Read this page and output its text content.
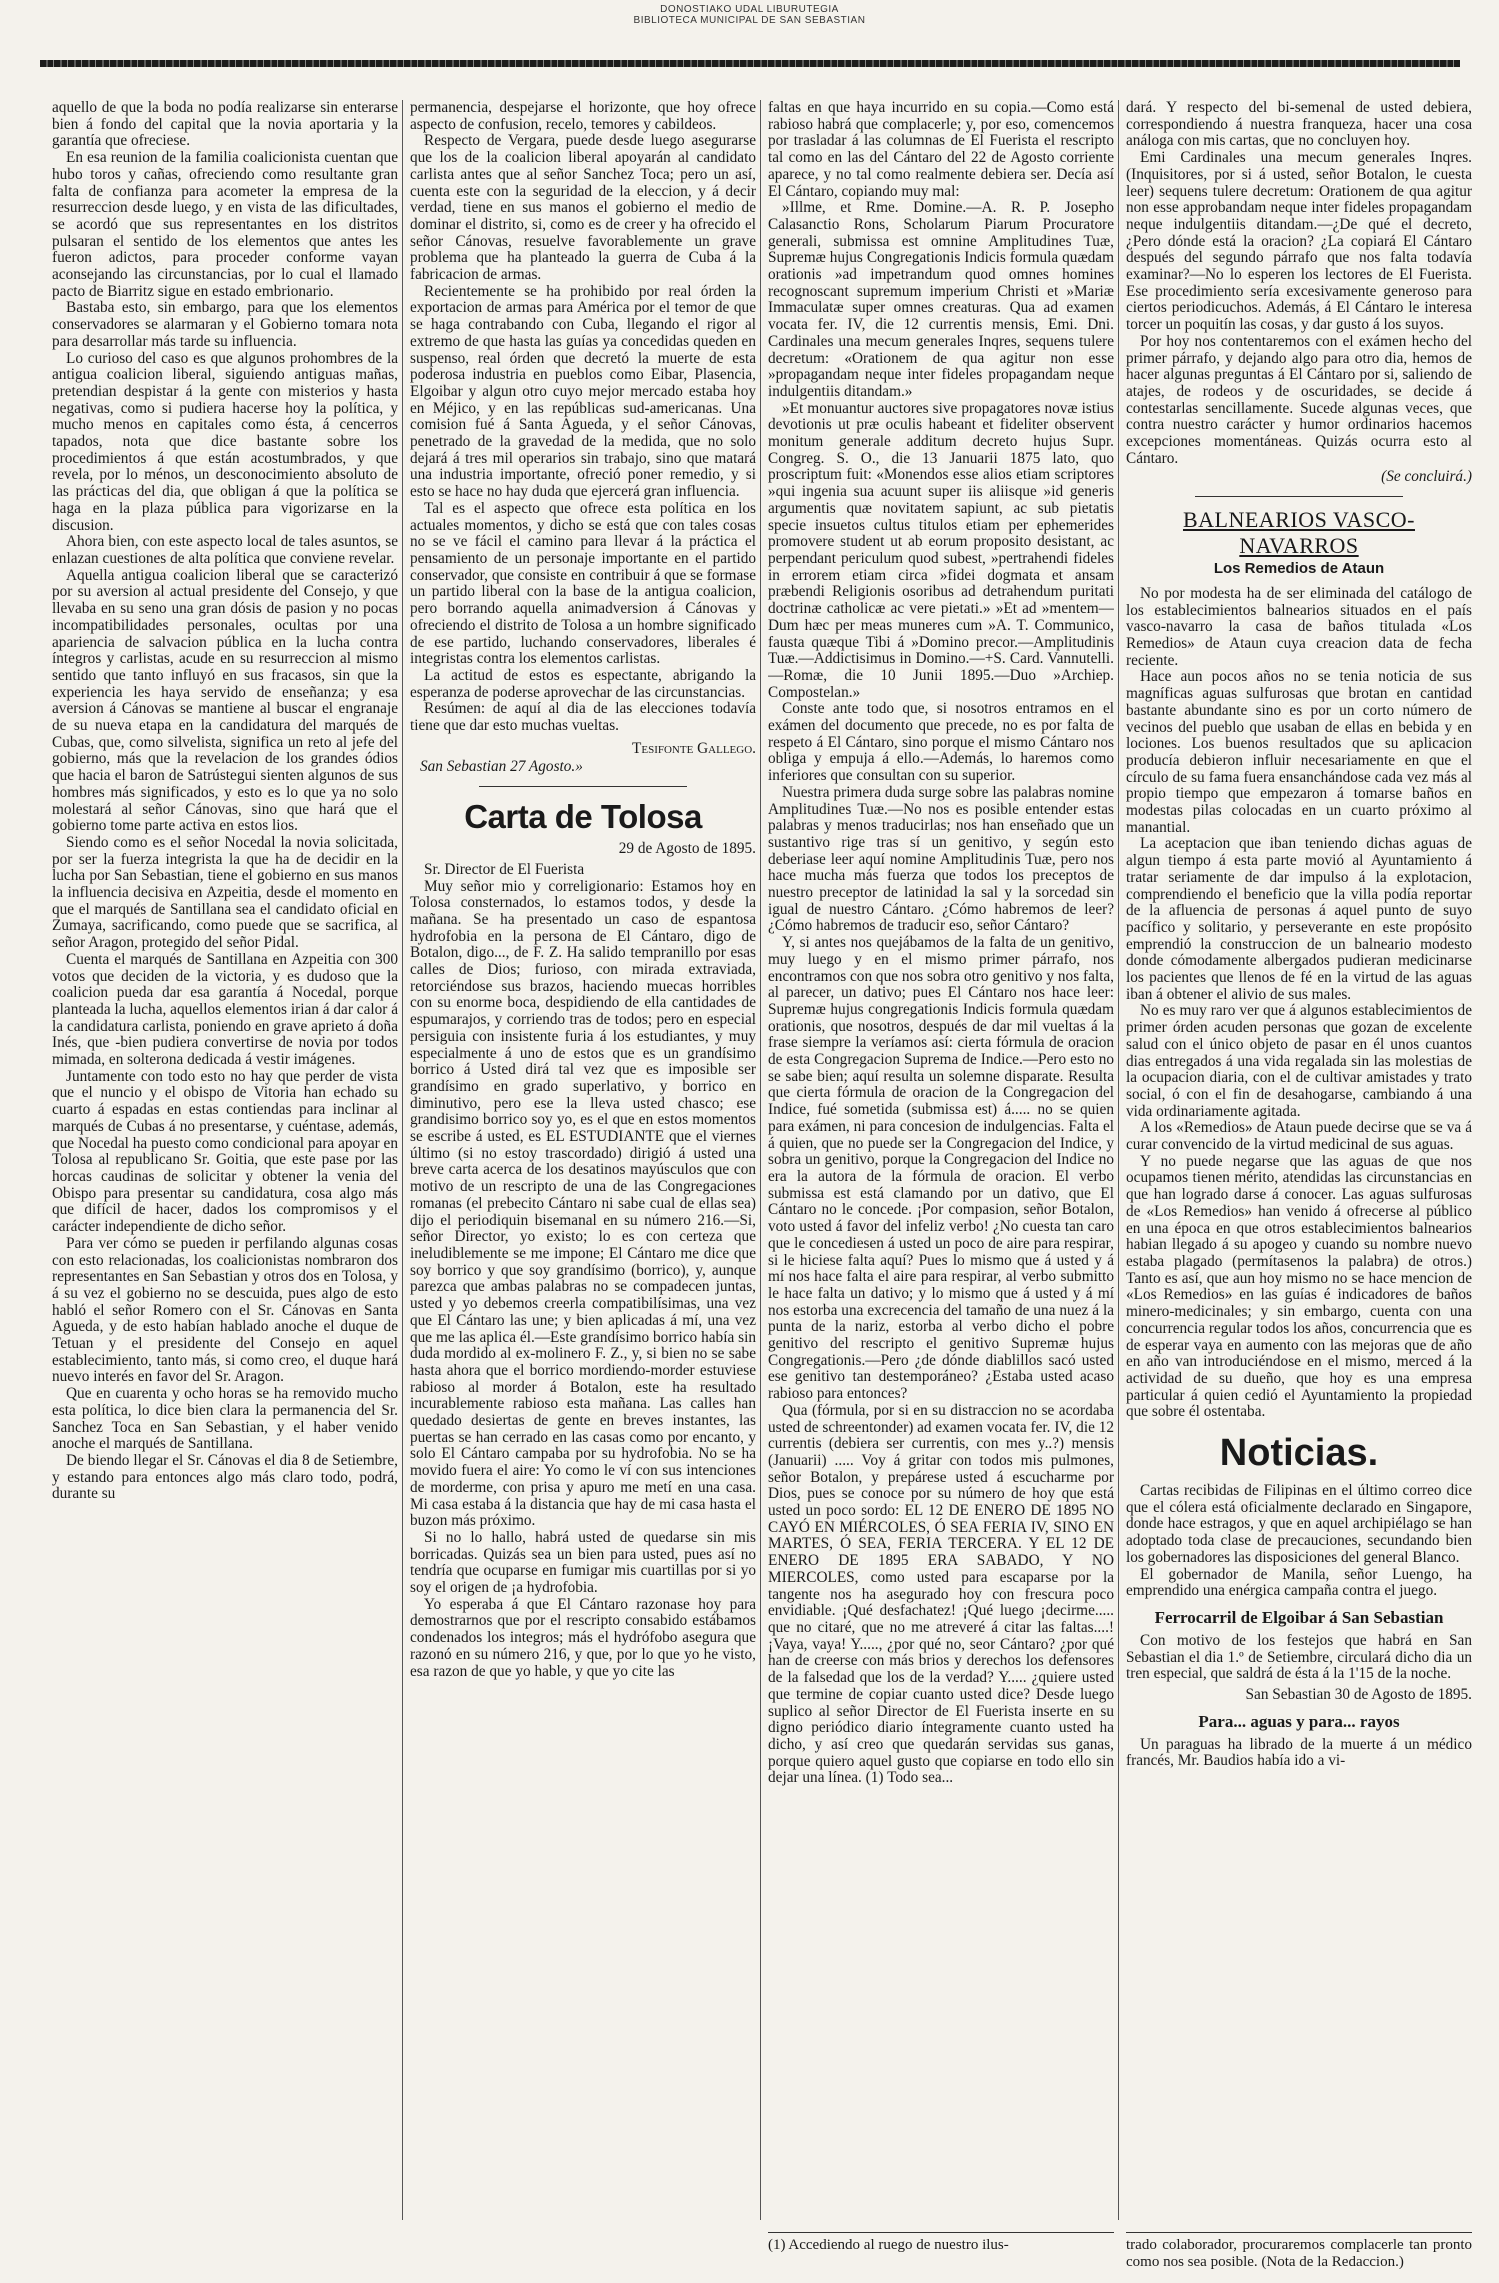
DONOSTIAKO UDAL LIBURUTEGIA
BIBLIOTECA MUNICIPAL DE SAN SEBASTIAN

aquello de que la boda no podía realizarse sin enterarse bien á fondo del capital que la novia aportaria y la garantía que ofreciese.

En esa reunion de la familia coalicionista cuentan que hubo toros y cañas, ofreciendo como resultante gran falta de confianza para acometer la empresa de la resurreccion desde luego, y en vista de las dificultades, se acordó que sus representantes en los distritos pulsaran el sentido de los elementos que antes les fueron adictos, para proceder conforme vayan aconsejando las circunstancias, por lo cual el llamado pacto de Biarritz sigue en estado embrionario.

Bastaba esto, sin embargo, para que los elementos conservadores se alarmaran y el Gobierno tomara nota para desarrollar más tarde su influencia.

Lo curioso del caso es que algunos prohombres de la antigua coalicion liberal, siguiendo antiguas mañas, pretendian despistar á la gente con misterios y hasta negativas, como si pudiera hacerse hoy la política, y mucho menos en capitales como ésta, á cencerros tapados, nota que dice bastante sobre los procedimientos á que están acostumbrados, y que revela, por lo ménos, un desconocimiento absoluto de las prácticas del dia, que obligan á que la política se haga en la plaza pública para vigorizarse en la discusion.

Ahora bien, con este aspecto local de tales asuntos, se enlazan cuestiones de alta política que conviene revelar.

Aquella antigua coalicion liberal que se caracterizó por su aversion al actual presidente del Consejo, y que llevaba en su seno una gran dósis de pasion y no pocas incompatibilidades personales, ocultas por una apariencia de salvacion pública en la lucha contra íntegros y carlistas, acude en su resurreccion al mismo sentido que tanto influyó en sus fracasos, sin que la experiencia les haya servido de enseñanza; y esa aversion á Cánovas se mantiene al buscar el engranaje de su nueva etapa en la candidatura del marqués de Cubas, que, como silvelista, significa un reto al jefe del gobierno, más que la revelacion de los grandes ódios que hacia el baron de Satrústegui sienten algunos de sus hombres más significados, y esto es lo que ya no solo molestará al señor Cánovas, sino que hará que el gobierno tome parte activa en estos lios.

Siendo como es el señor Nocedal la novia solicitada, por ser la fuerza integrista la que ha de decidir en la lucha por San Sebastian, tiene el gobierno en sus manos la influencia decisiva en Azpeitia, desde el momento en que el marqués de Santillana sea el candidato oficial en Zumaya, sacrificando, como puede que se sacrifica, al señor Aragon, protegido del señor Pidal.

Cuenta el marqués de Santillana en Azpeitia con 300 votos que deciden de la victoria, y es dudoso que la coalicion pueda dar esa garantía á Nocedal, porque planteada la lucha, aquellos elementos irian á dar calor á la candidatura carlista, poniendo en grave aprieto á doña Inés, que -bien pudiera convertirse de novia por todos mimada, en solterona dedicada á vestir imágenes.

Juntamente con todo esto no hay que perder de vista que el nuncio y el obispo de Vitoria han echado su cuarto á espadas en estas contiendas para inclinar al marqués de Cubas á no presentarse, y cuéntase, además, que Nocedal ha puesto como condicional para apoyar en Tolosa al republicano Sr. Goitia, que este pase por las horcas caudinas de solicitar y obtener la venia del Obispo para presentar su candidatura, cosa algo más que difícil de hacer, dados los compromisos y el carácter independiente de dicho señor.

Para ver cómo se pueden ir perfilando algunas cosas con esto relacionadas, los coalicionistas nombraron dos representantes en San Sebastian y otros dos en Tolosa, y á su vez el gobierno no se descuida, pues algo de esto habló el señor Romero con el Sr. Cánovas en Santa Agueda, y de esto habían hablado anoche el duque de Tetuan y el presidente del Consejo en aquel establecimiento, tanto más, si como creo, el duque hará nuevo interés en favor del Sr. Aragon.

Que en cuarenta y ocho horas se ha removido mucho esta política, lo dice bien clara la permanencia del Sr. Sanchez Toca en San Sebastian, y el haber venido anoche el marqués de Santillana.

De biendo llegar el Sr. Cánovas el dia 8 de Setiembre, y estando para entonces algo más claro todo, podrá, durante su

permanencia, despejarse el horizonte, que hoy ofrece aspecto de confusion, recelo, temores y cabildeos.

Respecto de Vergara, puede desde luego asegurarse que los de la coalicion liberal apoyarán al candidato carlista antes que al señor Sanchez Toca; pero un así, cuenta este con la seguridad de la eleccion, y á decir verdad, tiene en sus manos el gobierno el medio de dominar el distrito, si, como es de creer y ha ofrecido el señor Cánovas, resuelve favorablemente un grave problema que ha planteado la guerra de Cuba á la fabricacion de armas.

Recientemente se ha prohibido por real órden la exportacion de armas para América por el temor de que se haga contrabando con Cuba, llegando el rigor al extremo de que hasta las guías ya concedidas queden en suspenso, real órden que decretó la muerte de esta poderosa industria en pueblos como Eibar, Plasencia, Elgoibar y algun otro cuyo mejor mercado estaba hoy en Méjico, y en las repúblicas sud-americanas. Una comision fué á Santa Agueda, y el señor Cánovas, penetrado de la gravedad de la medida, que no solo dejará á tres mil operarios sin trabajo, sino que matará una industria importante, ofreció poner remedio, y si esto se hace no hay duda que ejercerá gran influencia.

Tal es el aspecto que ofrece esta política en los actuales momentos, y dicho se está que con tales cosas no se ve fácil el camino para llevar á la práctica el pensamiento de un personaje importante en el partido conservador, que consiste en contribuir á que se formase un partido liberal con la base de la antigua coalicion, pero borrando aquella animadversion á Cánovas y ofreciendo el distrito de Tolosa a un hombre significado de ese partido, luchando conservadores, liberales é integristas contra los elementos carlistas.

La actitud de estos es espectante, abrigando la esperanza de poderse aprovechar de las circunstancias.

Resúmen: de aquí al dia de las elecciones todavía tiene que dar esto muchas vueltas.

Tesifonte Gallego.
San Sebastian 27 Agosto.»
Carta de Tolosa
29 de Agosto de 1895.

Sr. Director de El Fuerista

Muy señor mio y correligionario: Estamos hoy en Tolosa consternados, lo estamos todos, y desde la mañana. Se ha presentado un caso de espantosa hydrofobia en la persona de El Cántaro, digo de Botalon, digo..., de F. Z. Ha salido tempranillo por esas calles de Dios; furioso, con mirada extraviada, retorciéndose sus brazos, haciendo muecas horribles con su enorme boca, despidiendo de ella cantidades de espumarajos, y corriendo tras de todos; pero en especial persiguia con insistente furia á los estudiantes, y muy especialmente á uno de estos que es un grandísimo borrico á Usted dirá tal vez que es imposible ser grandísimo en grado superlativo, y borrico en diminutivo, pero ese la lleva usted chasco; ese grandisimo borrico soy yo, es el que en estos momentos se escribe á usted, es EL ESTUDIANTE que el viernes último (si no estoy trascordado) dirigió á usted una breve carta acerca de los desatinos mayúsculos que con motivo de un rescripto de una de las Congregaciones romanas (el prebecito Cántaro ni sabe cual de ellas sea) dijo el periodiquin bisemanal en su número 216.—Si, señor Director, yo existo; lo es con certeza que ineludiblemente se me impone; El Cántaro me dice que soy borrico y que soy grandísimo (borrico), y, aunque parezca que ambas palabras no se compadecen juntas, usted y yo debemos creerla compatibilísimas, una vez que El Cántaro las une; y bien aplicadas á mí, una vez que me las aplica él.—Este grandísimo borrico había sin duda mordido al ex-molinero F. Z., y, si bien no se sabe hasta ahora que el borrico mordiendo-morder estuviese rabioso al morder á Botalon, este ha resultado incurablemente rabioso esta mañana. Las calles han quedado desiertas de gente en breves instantes, las puertas se han cerrado en las casas como por encanto, y solo El Cántaro campaba por su hydrofobia. No se ha movido fuera el aire: Yo como le ví con sus intenciones de morderme, con prisa y apuro me metí en una casa. Mi casa estaba á la distancia que hay de mi casa hasta el buzon más próximo.

Si no lo hallo, habrá usted de quedarse sin mis borricadas. Quizás sea un bien para usted, pues así no tendría que ocuparse en fumigar mis cuartillas por si yo soy el origen de ¡a hydrofobia.

Yo esperaba á que El Cántaro razonase hoy para demostrarnos que por el rescripto consabido estábamos condenados los integros; más el hydrófobo asegura que razonó en su número 216, y que, por lo que yo he visto, esa razon de que yo hable, y que yo cite las

faltas en que haya incurrido en su copia.—Como está rabioso habrá que complacerle; y, por eso, comencemos por trasladar á las columnas de El Fuerista el rescripto tal como en las del Cántaro del 22 de Agosto corriente aparece, y no tal como realmente debiera ser. Decía así El Cántaro, copiando muy mal:

»Illme, et Rme. Domine.—A. R. P. Josepho Calasanctio Rons, Scholarum Piarum Procuratore generali, submissa est omnine Amplitudines Tuæ, Supremæ hujus Congregationis Indicis formula quædam orationis »ad impetrandum quod omnes homines recognoscant supremum imperium Christi et »Mariæ Immaculatæ super omnes creaturas. Qua ad examen vocata fer. IV, die 12 currentis mensis, Emi. Dni. Cardinales una mecum generales Inqres, sequens tulere decretum: «Orationem de qua agitur non esse »propagandam neque inter fideles propagandam neque indulgentiis ditandam.»

»Et monuantur auctores sive propagatores novæ istius devotionis ut præ oculis habeant et fideliter observent monitum generale additum decreto hujus Supr. Congreg. S. O., die 13 Januarii 1875 lato, quo proscriptum fuit: «Monendos esse alios etiam scriptores »qui ingenia sua acuunt super iis aliisque »id generis argumentis quæ novitatem sapiunt, ac sub pietatis specie insuetos cultus titulos etiam per ephemerides promovere student ut ab eorum proposito desistant, ac perpendant periculum quod subest, »pertrahendi fideles in errorem etiam circa »fidei dogmata et ansam præbendi Religionis osoribus ad detrahendum puritati doctrinæ catholicæ ac vere pietati.» »Et ad »mentem—Dum hæc per meas muneres cum »A. T. Communico, fausta quæque Tibi á »Domino precor.—Amplitudinis Tuæ.—Addictisimus in Domino.—+S. Card. Vannutelli.—Romæ, die 10 Junii 1895.—Duo »Archiep. Compostelan.»

Conste ante todo que, si nosotros entramos en el exámen del documento que precede, no es por falta de respeto á El Cántaro, sino porque el mismo Cántaro nos obliga y empuja á ello.—Además, lo haremos como inferiores que consultan con su superior.

Nuestra primera duda surge sobre las palabras nomine Amplitudines Tuæ.—No nos es posible entender estas palabras y menos traducirlas; nos han enseñado que un sustantivo rige tras sí un genitivo, y según esto deberiase leer aquí nomine Amplitudinis Tuæ, pero nos hace mucha más fuerza que todos los preceptos de nuestro preceptor de latinidad la sal y la sorcedad sin igual de nuestro Cántaro. ¿Cómo habremos de leer? ¿Cómo habremos de traducir eso, señor Cántaro?

Y, si antes nos quejábamos de la falta de un genitivo, muy luego y en el mismo primer párrafo, nos encontramos con que nos sobra otro genitivo y nos falta, al parecer, un dativo; pues El Cántaro nos hace leer: Supremæ hujus congregationis Indicis formula quædam orationis, que nosotros, después de dar mil vueltas á la frase siempre la veríamos así: cierta fórmula de oracion de esta Congregacion Suprema de Indice.—Pero esto no se sabe bien; aquí resulta un solemne disparate. Resulta que cierta fórmula de oracion de la Congregacion del Indice, fué sometida (submissa est) á..... no se quien para exámen, ni para concesion de indulgencias. Falta el á quien, que no puede ser la Congregacion del Indice, y sobra un genitivo, porque la Congregacion del Indice no era la autora de la fórmula de oracion. El verbo submissa est está clamando por un dativo, que El Cántaro no le concede. ¡Por compasion, señor Botalon, voto usted á favor del infeliz verbo! ¿No cuesta tan caro que le concediesen á usted un poco de aire para respirar, si le hiciese falta aquí? Pues lo mismo que á usted y á mí nos hace falta el aire para respirar, al verbo submitto le hace falta un dativo; y lo mismo que á usted y á mí nos estorba una excrecencia del tamaño de una nuez á la punta de la nariz, estorba al verbo dicho el pobre genitivo del rescripto el genitivo Supremæ hujus Congregationis.—Pero ¿de dónde diablillos sacó usted ese genitivo tan destemporáneo? ¿Estaba usted acaso rabioso para entonces?

Qua (fórmula, por si en su distraccion no se acordaba usted de schreentonder) ad examen vocata fer. IV, die 12 currentis (debiera ser currentis, con mes y..?) mensis (Januarii) ..... Voy á gritar con todos mis pulmones, señor Botalon, y prepárese usted á escucharme por Dios, pues se conoce por su número de hoy que está usted un poco sordo: EL 12 DE ENERO DE 1895 NO CAYÓ EN MIÉRCOLES, Ó SEA FERIA IV, SINO EN MARTES, Ó SEA, FERIA TERCERA. Y EL 12 DE ENERO DE 1895 ERA SABADO, Y NO MIERCOLES, como usted para escaparse por la tangente nos ha asegurado hoy con frescura poco envidiable. ¡Qué desfachatez! ¡Qué luego ¡decirme..... que no citaré, que no me atreveré á citar las faltas....! ¡Vaya, vaya! Y....., ¿por qué no, seor Cántaro? ¿por qué han de creerse con más brios y derechos los defensores de la falsedad que los de la verdad? Y..... ¿quiere usted que termine de copiar cuanto usted dice? Desde luego suplico al señor Director de El Fuerista inserte en su digno periódico diario íntegramente cuanto usted ha dicho, y así creo que quedarán servidas sus ganas, porque quiero aquel gusto que copiarse en todo ello sin dejar una línea. (1) Todo sea...

(1) Accediendo al ruego de nuestro ilus-

dará. Y respecto del bi-semenal de usted debiera, correspondiendo á nuestra franqueza, hacer una cosa análoga con mis cartas, que no concluyen hoy.

Emi Cardinales una mecum generales Inqres. (Inquisitores, por si á usted, señor Botalon, le cuesta leer) sequens tulere decretum: Orationem de qua agitur non esse approbandam neque inter fideles propagandam neque indulgentiis ditandam.—¿De qué el decreto, ¿Pero dónde está la oracion? ¿La copiará El Cántaro después del segundo párrafo que nos falta todavía examinar?—No lo esperen los lectores de El Fuerista. Ese procedimiento sería excesivamente generoso para ciertos periodicuchos. Además, á El Cántaro le interesa torcer un poquitín las cosas, y dar gusto á los suyos.

Por hoy nos contentaremos con el exámen hecho del primer párrafo, y dejando algo para otro dia, hemos de hacer algunas preguntas á El Cántaro por si, saliendo de atajes, de rodeos y de oscuridades, se decide á contestarlas sencillamente. Sucede algunas veces, que contra nuestro carácter y humor ordinarios hacemos excepciones momentáneas. Quizás ocurra esto al Cántaro.

(Se concluirá.)
BALNEARIOS VASCO-NAVARROS
Los Remedios de Ataun

No por modesta ha de ser eliminada del catálogo de los establecimientos balnearios situados en el país vasco-navarro la casa de baños titulada «Los Remedios» de Ataun cuya creacion data de fecha reciente.

Hace aun pocos años no se tenia noticia de sus magníficas aguas sulfurosas que brotan en cantidad bastante abundante sino es por un corto número de vecinos del pueblo que usaban de ellas en bebida y en lociones. Los buenos resultados que su aplicacion producía debieron influir necesariamente en que el círculo de su fama fuera ensanchándose cada vez más al propio tiempo que empezaron á tomarse baños en modestas pilas colocadas en un cuarto próximo al manantial.

La aceptacion que iban teniendo dichas aguas de algun tiempo á esta parte movió al Ayuntamiento á tratar seriamente de dar impulso á la explotacion, comprendiendo el beneficio que la villa podía reportar de la afluencia de personas á aquel punto de suyo pacífico y solitario, y perseverante en este propósito emprendió la construccion de un balneario modesto donde cómodamente albergados pudieran medicinarse los pacientes que llenos de fé en la virtud de las aguas iban á obtener el alivio de sus males.

No es muy raro ver que á algunos establecimientos de primer órden acuden personas que gozan de excelente salud con el único objeto de pasar en él unos cuantos dias entregados á una vida regalada sin las molestias de la ocupacion diaria, con el de cultivar amistades y trato social, ó con el fin de desahogarse, cambiando á una vida ordinariamente agitada.

A los «Remedios» de Ataun puede decirse que se va á curar convencido de la virtud medicinal de sus aguas.

Y no puede negarse que las aguas de que nos ocupamos tienen mérito, atendidas las circunstancias en que han logrado darse á conocer. Las aguas sulfurosas de «Los Remedios» han venido á ofrecerse al público en una época en que otros establecimientos balnearios habian llegado á su apogeo y cuando su nombre nuevo estaba plagado (permítasenos la palabra) de otros.) Tanto es así, que aun hoy mismo no se hace mencion de «Los Remedios» en las guías é indicadores de baños minero-medicinales; y sin embargo, cuenta con una concurrencia regular todos los años, concurrencia que es de esperar vaya en aumento con las mejoras que de año en año van introduciéndose en el mismo, merced á la actividad de su dueño, que hoy es una empresa particular á quien cedió el Ayuntamiento la propiedad que sobre él ostentaba.

Noticias.

Cartas recibidas de Filipinas en el último correo dice que el cólera está oficialmente declarado en Singapore, donde hace estragos, y que en aquel archipiélago se han adoptado toda clase de precauciones, secundando bien los gobernadores las disposiciones del general Blanco.

El gobernador de Manila, señor Luengo, ha emprendido una enérgica campaña contra el juego.

Ferrocarril de Elgoibar á San Sebastian

Con motivo de los festejos que habrá en San Sebastian el dia 1.º de Setiembre, circulará dicho dia un tren especial, que saldrá de ésta á la 1'15 de la noche.

San Sebastian 30 de Agosto de 1895.
Para... aguas y para... rayos

Un paraguas ha librado de la muerte á un médico francés, Mr. Baudios había ido a vi-

trado colaborador, procuraremos complacerle tan pronto como nos sea posible. (Nota de la Redaccion.)
